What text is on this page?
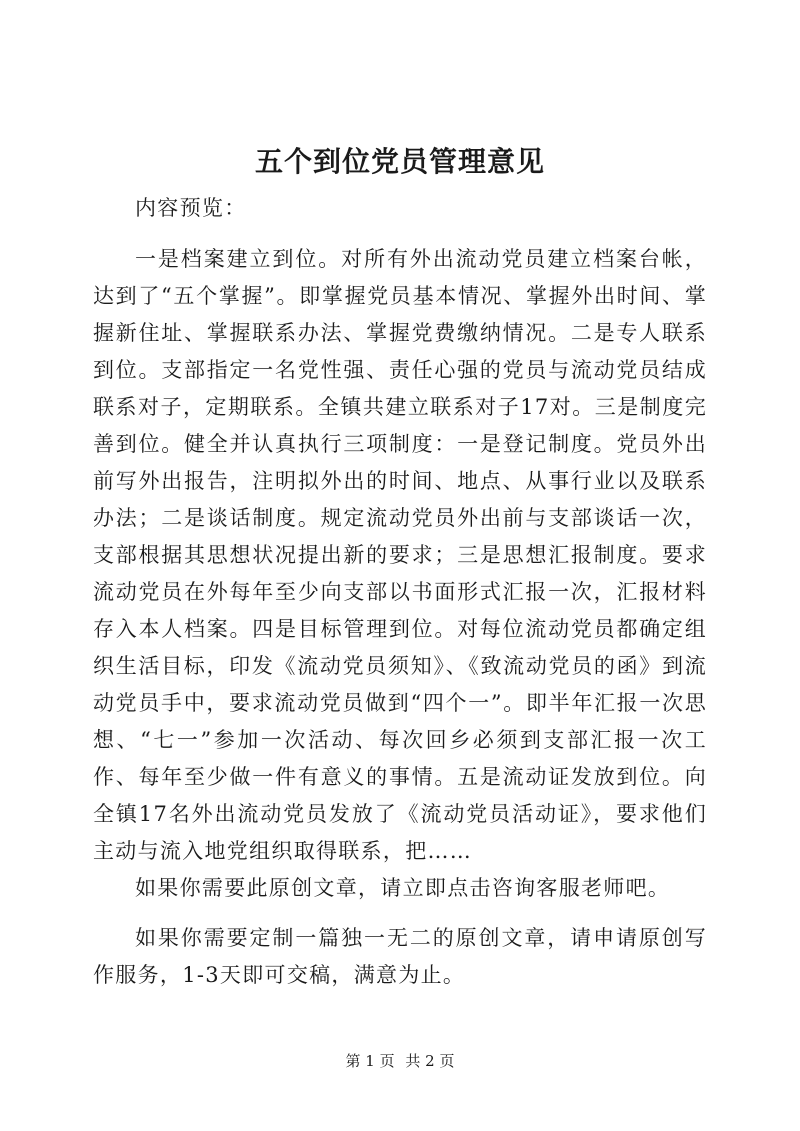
五个到位党员管理意见

内容预览：

一是档案建立到位。对所有外出流动党员建立档案台帐，达到了“五个掌握”。即掌握党员基本情况、掌握外出时间、掌握新住址、掌握联系办法、掌握党费缴纳情况。二是专人联系到位。支部指定一名党性强、责任心强的党员与流动党员结成联系对子，定期联系。全镇共建立联系对子17对。三是制度完善到位。健全并认真执行三项制度：一是登记制度。党员外出前写外出报告，注明拟外出的时间、地点、从事行业以及联系办法；二是谈话制度。规定流动党员外出前与支部谈话一次，支部根据其思想状况提出新的要求；三是思想汇报制度。要求流动党员在外每年至少向支部以书面形式汇报一次，汇报材料存入本人档案。四是目标管理到位。对每位流动党员都确定组织生活目标，印发《流动党员须知》、《致流动党员的函》到流动党员手中，要求流动党员做到“四个一”。即半年汇报一次思想、“七一”参加一次活动、每次回乡必须到支部汇报一次工作、每年至少做一件有意义的事情。五是流动证发放到位。向全镇17名外出流动党员发放了《流动党员活动证》，要求他们主动与流入地党组织取得联系，把……

如果你需要此原创文章，请立即点击咨询客服老师吧。

如果你需要定制一篇独一无二的原创文章，请申请原创写作服务，1-3天即可交稿，满意为止。

第 1 页 共 2 页
